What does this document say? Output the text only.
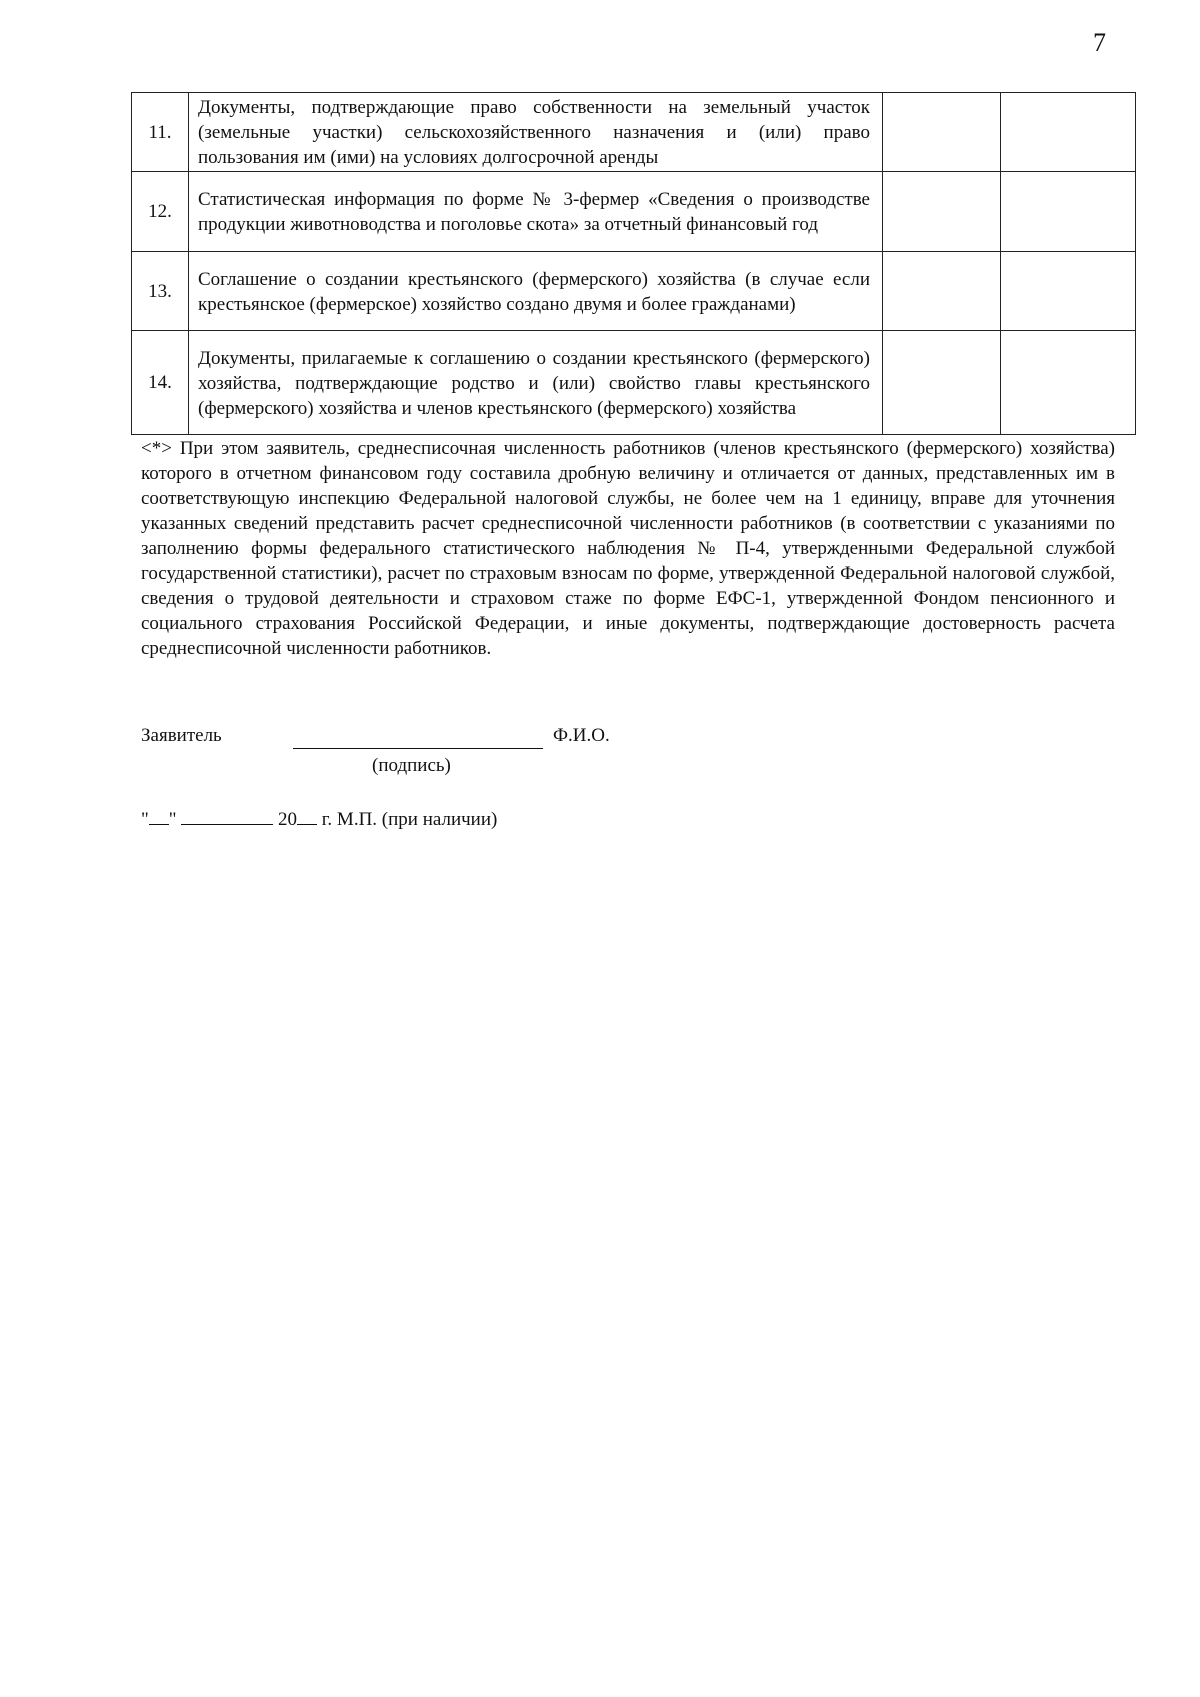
7
11.	Документы, подтверждающие право собственности на земельный участок (земельные участки) сельскохозяйственного назначения и (или) право пользования им (ими) на условиях долгосрочной аренды		
12.	Статистическая информация по форме № 3-фермер «Сведения о производстве продукции животноводства и поголовье скота» за отчетный финансовый год		
13.	Соглашение о создании крестьянского (фермерского) хозяйства (в случае если крестьянское (фермерское) хозяйство создано двумя и более гражданами)		
14.	Документы, прилагаемые к соглашению о создании крестьянского (фермерского) хозяйства, подтверждающие родство и (или) свойство главы крестьянского (фермерского) хозяйства и членов крестьянского (фермерского) хозяйства		

<*> При этом заявитель, среднесписочная численность работников (членов крестьянского (фермерского) хозяйства) которого в отчетном финансовом году составила дробную величину и отличается от данных, представленных им в соответствующую инспекцию Федеральной налоговой службы, не более чем на 1 единицу, вправе для уточнения указанных сведений представить расчет среднесписочной численности работников (в соответствии с указаниями по заполнению формы федерального статистического наблюдения № П-4, утвержденными Федеральной службой государственной статистики), расчет по страховым взносам по форме, утвержденной Федеральной налоговой службой, сведения о трудовой деятельности и страховом стаже по форме ЕФС-1, утвержденной Фондом пенсионного и социального страхования Российской Федерации, и иные документы, подтверждающие достоверность расчета среднесписочной численности работников.

Заявитель	Ф.И.О.
(подпись)
" "	20 г. М.П. (при наличии)
